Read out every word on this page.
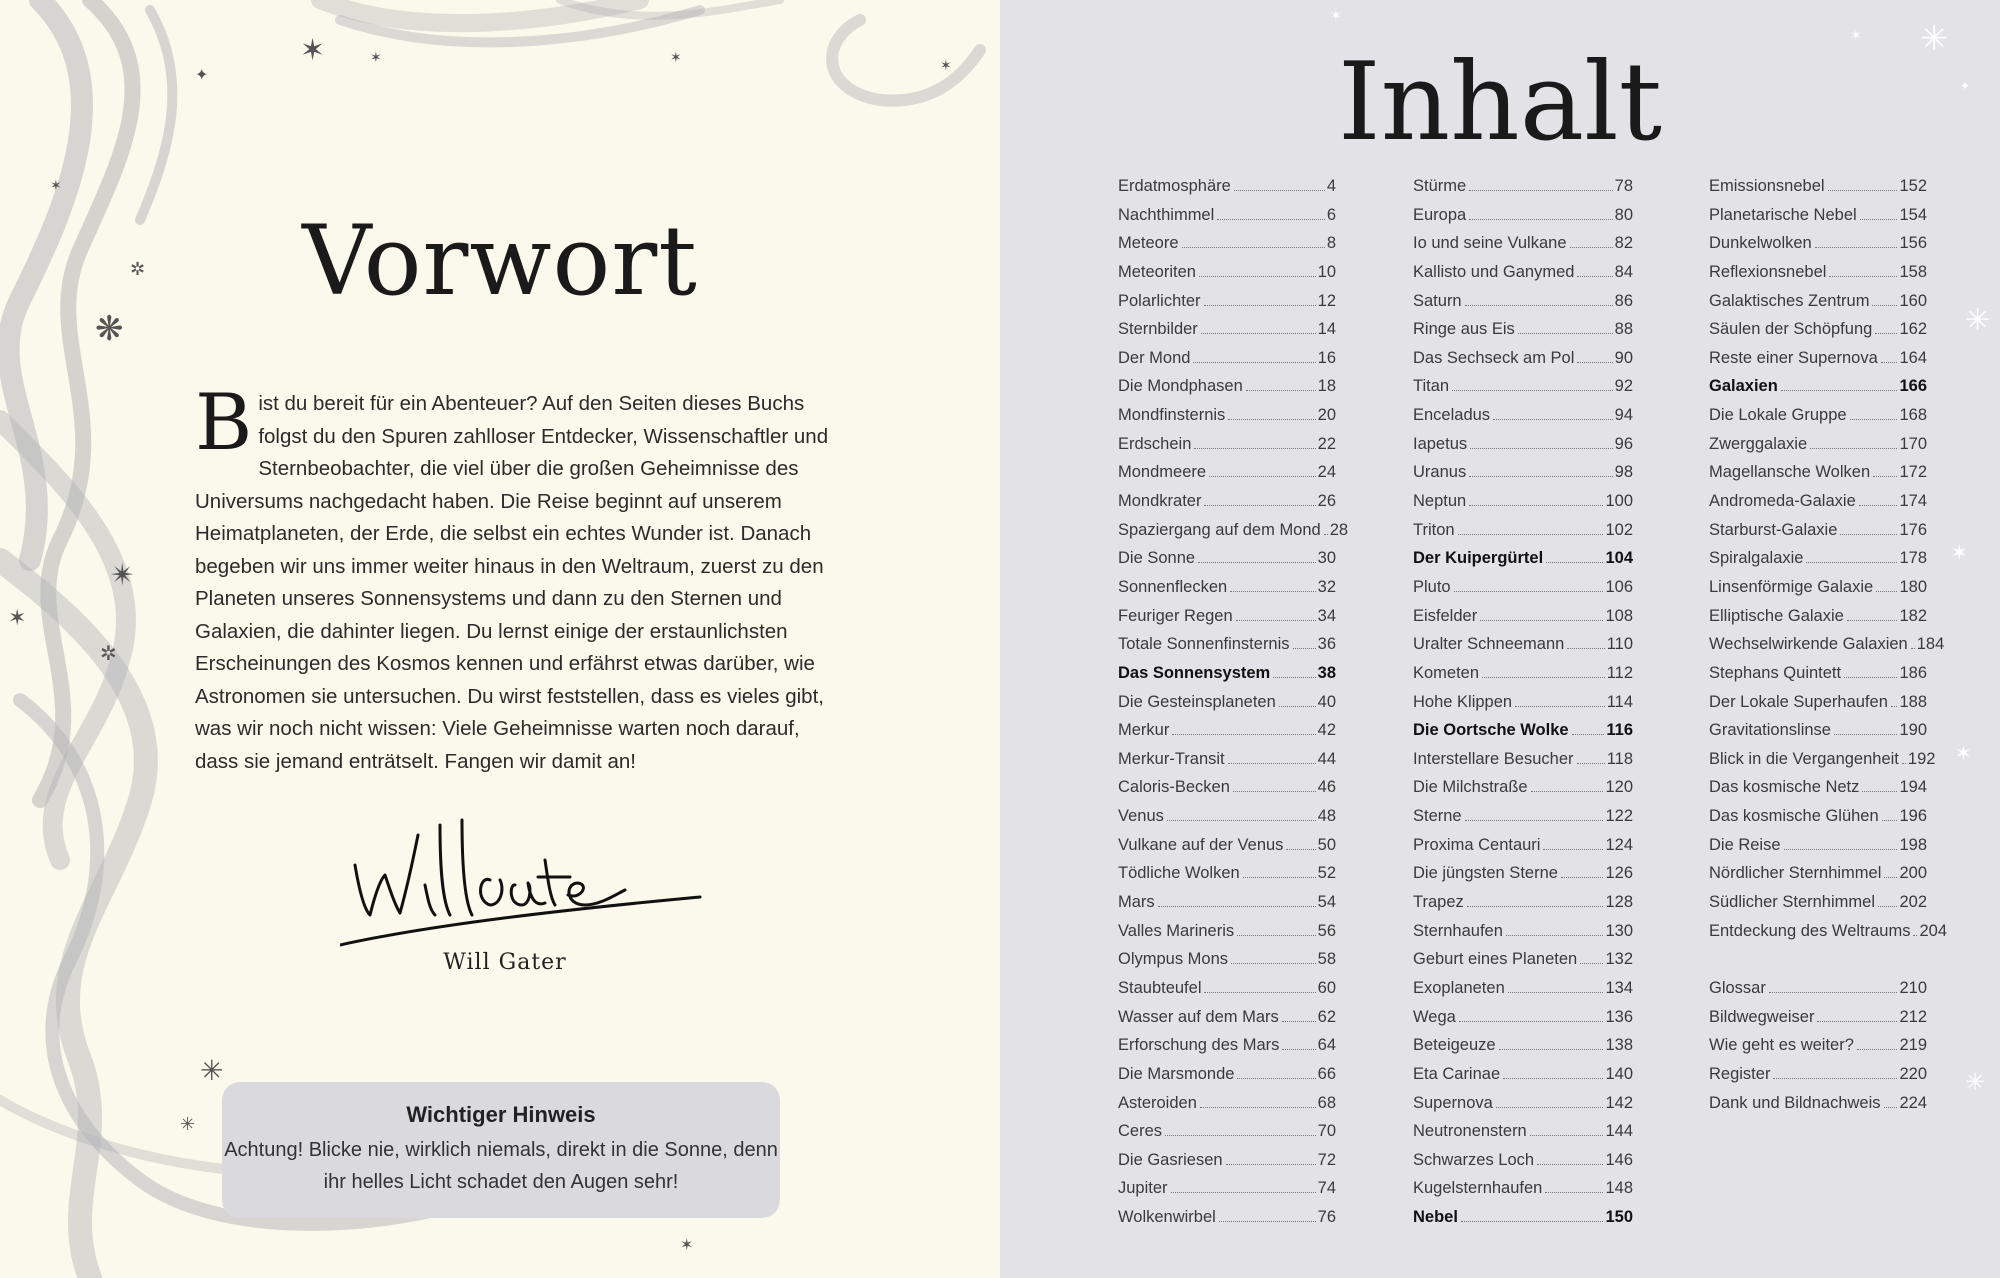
✶
✦
✶	✶	✶
✲
❋
✴
✲
✶
✳
✳
✶
✶
Vorwort
Bist du bereit für ein Abenteuer? Auf den Seiten dieses Buchs folgst du den Spuren zahlloser Entdecker, Wissenschaftler und Sternbeobachter, die viel über die großen Geheimnisse des Universums nachgedacht haben. Die Reise beginnt auf unserem Heimatplaneten, der Erde, die selbst ein echtes Wunder ist. Danach begeben wir uns immer weiter hinaus in den Weltraum, zuerst zu den Planeten unseres Sonnensystems und dann zu den Sternen und Galaxien, die dahinter liegen. Du lernst einige der erstaunlichsten Erscheinungen des Kosmos kennen und erfährst etwas darüber, wie Astronomen sie untersuchen. Du wirst feststellen, dass es vieles gibt, was wir noch nicht wissen: Viele Geheimnisse warten noch darauf, dass sie jemand enträtselt. Fangen wir damit an!
Will Gater
Will Gater
Wichtiger Hinweis
Achtung! Blicke nie, wirklich niemals, direkt in die Sonne, denn ihr helles Licht schadet den Augen sehr!
✳
✶
✦
✳
✶
✶
✳
✶
Inhalt
Erdatmosphäre	4
Nachthimmel	6
Meteore	8
Meteoriten	10
Polarlichter	12
Sternbilder	14
Der Mond	16
Die Mondphasen	18
Mondfinsternis	20
Erdschein	22
Mondmeere	24
Mondkrater	26
Spaziergang auf dem Mond 28
Die Sonne	30
Sonnenflecken	32
Feuriger Regen	34
Totale Sonnenfinsternis 36
Das Sonnensystem	38
Die Gesteinsplaneten	40
Merkur	42
Merkur-Transit	44
Caloris-Becken	46
Venus	48
Vulkane auf der Venus 50
Tödliche Wolken	52
Mars	54
Valles Marineris	56
Olympus Mons	58
Staubteufel	60
Wasser auf dem Mars 62
Erforschung des Mars 64
Die Marsmonde	66
Asteroiden	68
Ceres	70
Die Gasriesen	72
Jupiter	74
Wolkenwirbel	76
Stürme	78
Europa	80
Io und seine Vulkane	82
Kallisto und Ganymed 84
Saturn	86
Ringe aus Eis	88
Das Sechseck am Pol 90
Titan	92
Enceladus	94
Iapetus	96
Uranus	98
Neptun	100
Triton	102
Der Kuipergürtel	104
Pluto	106
Eisfelder	108
Uralter Schneemann	110
Kometen	112
Hohe Klippen	114
Die Oortsche Wolke 116
Interstellare Besucher 118
Die Milchstraße	120
Sterne	122
Proxima Centauri	124
Die jüngsten Sterne	126
Trapez	128
Sternhaufen	130
Geburt eines Planeten 132
Exoplaneten	134
Wega	136
Beteigeuze	138
Eta Carinae	140
Supernova	142
Neutronenstern	144
Schwarzes Loch	146
Kugelsternhaufen	148
Nebel	150
Emissionsnebel	152
Planetarische Nebel	154
Dunkelwolken	156
Reflexionsnebel	158
Galaktisches Zentrum 160
Säulen der Schöpfung 162
Reste einer Supernova 164
Galaxien	166
Die Lokale Gruppe	168
Zwerggalaxie	170
Magellansche Wolken 172
Andromeda-Galaxie	174
Starburst-Galaxie	176
Spiralgalaxie	178
Linsenförmige Galaxie 180
Elliptische Galaxie	182
Wechselwirkende Galaxien 184
Stephans Quintett	186
Der Lokale Superhaufen 188
Gravitationslinse	190
Blick in die Vergangenheit 192
Das kosmische Netz 194
Das kosmische Glühen 196
Die Reise	198
Nördlicher Sternhimmel 200
Südlicher Sternhimmel 202
Entdeckung des Weltraums 204
Glossar	210
Bildwegweiser	212
Wie geht es weiter?	219
Register	220
Dank und Bildnachweis 224
